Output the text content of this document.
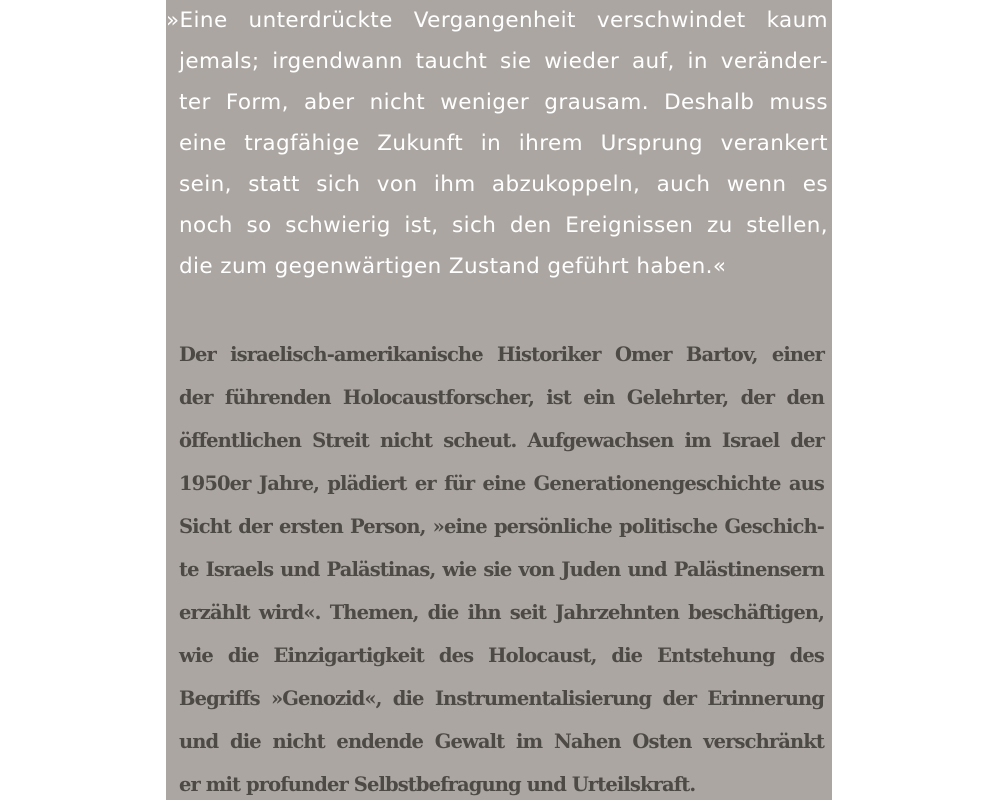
»Eine unterdrückte Vergangenheit verschwindet kaum
jemals; irgendwann taucht sie wieder auf, in veränder-
ter Form, aber nicht weniger grausam. Deshalb muss
eine tragfähige Zukunft in ihrem Ursprung verankert
sein, statt sich von ihm abzukoppeln, auch wenn es
noch so schwierig ist, sich den Ereignissen zu stellen,
die zum gegenwärtigen Zustand geführt haben.«
Der israelisch-amerikanische Historiker Omer Bartov, einer
der führenden Holocaustforscher, ist ein Gelehrter, der den
öffentlichen Streit nicht scheut. Aufgewachsen im Israel der
1950er Jahre, plädiert er für eine Generationengeschichte aus
Sicht der ersten Person, »eine persönliche politische Geschich-
te Israels und Palästinas, wie sie von Juden und Palästinensern
erzählt wird«. Themen, die ihn seit Jahrzehnten beschäftigen,
wie die Einzigartigkeit des Holocaust, die Entstehung des
Begriffs »Genozid«, die Instrumentalisierung der Erinnerung
und die nicht endende Gewalt im Nahen Osten verschränkt
er mit profunder Selbstbefragung und Urteilskraft.
